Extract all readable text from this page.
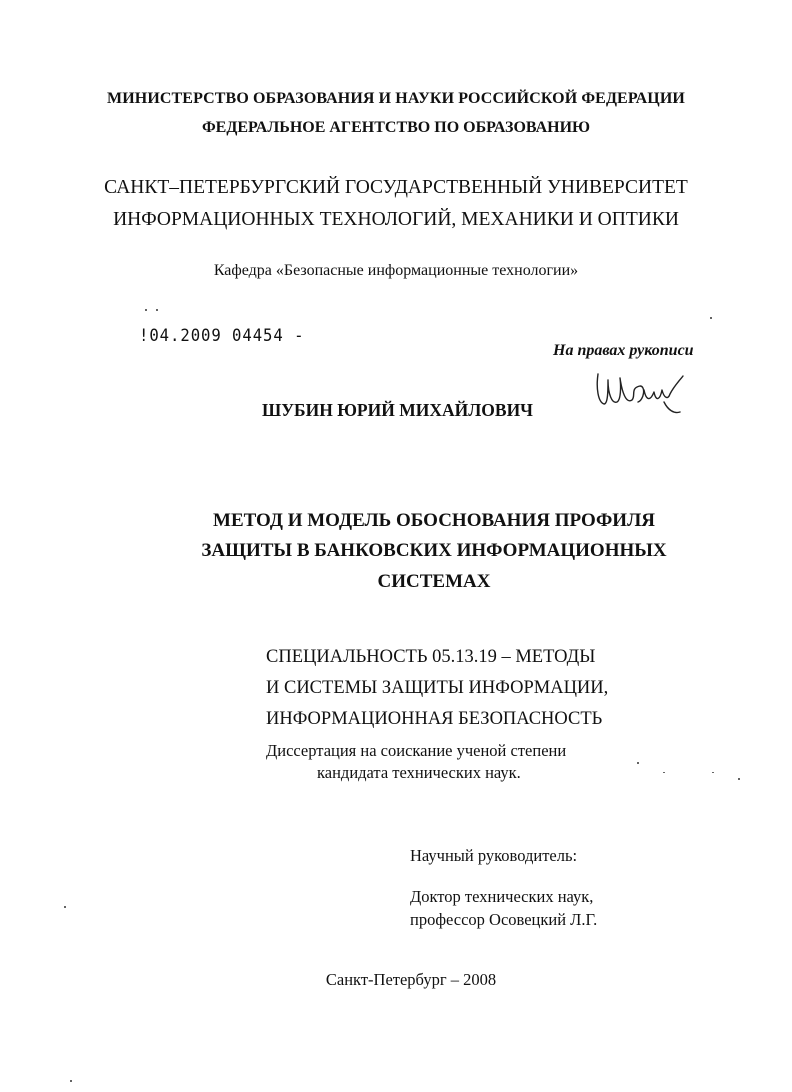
МИНИСТЕРСТВО ОБРАЗОВАНИЯ И НАУКИ РОССИЙСКОЙ ФЕДЕРАЦИИ
ФЕДЕРАЛЬНОЕ АГЕНТСТВО ПО ОБРАЗОВАНИЮ
САНКТ–ПЕТЕРБУРГСКИЙ ГОСУДАРСТВЕННЫЙ УНИВЕРСИТЕТ
ИНФОРМАЦИОННЫХ ТЕХНОЛОГИЙ, МЕХАНИКИ И ОПТИКИ
Кафедра «Безопасные информационные технологии»
!04.2009 04454 -
На правах рукописи
ШУБИН ЮРИЙ МИХАЙЛОВИЧ
МЕТОД И МОДЕЛЬ ОБОСНОВАНИЯ ПРОФИЛЯ
ЗАЩИТЫ В БАНКОВСКИХ ИНФОРМАЦИОННЫХ
СИСТЕМАХ
СПЕЦИАЛЬНОСТЬ 05.13.19 – МЕТОДЫ
И СИСТЕМЫ ЗАЩИТЫ ИНФОРМАЦИИ,
ИНФОРМАЦИОННАЯ БЕЗОПАСНОСТЬ
Диссертация на соискание ученой степени
кандидата технических наук.
Научный руководитель:
Доктор технических наук,
профессор Осовецкий Л.Г.
Санкт-Петербург – 2008
